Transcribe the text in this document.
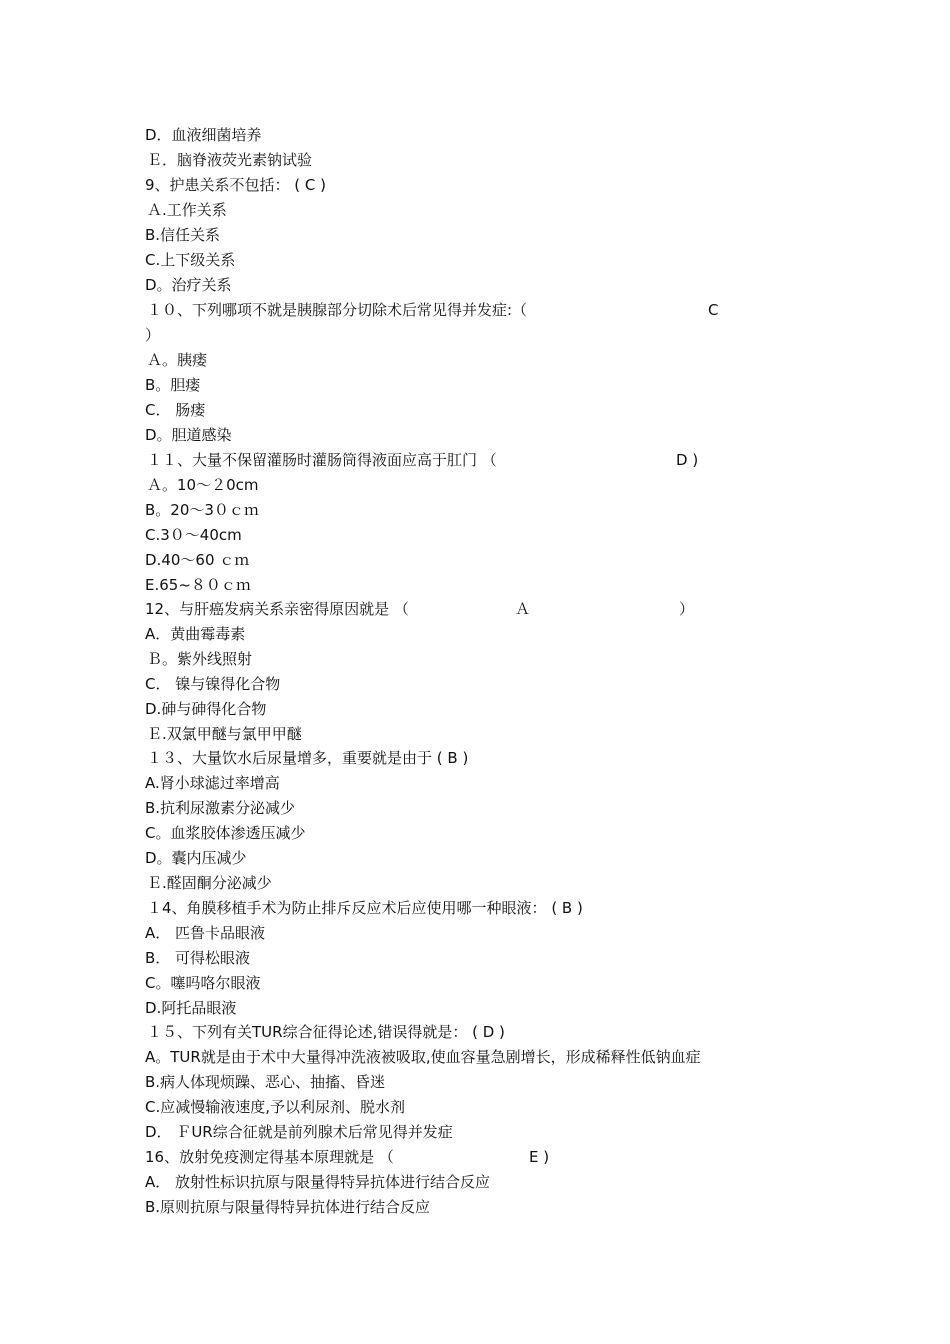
D．血液细菌培养
Ｅ．脑脊液荧光素钠试验
9、护患关系不包括： ( C )
Ａ.工作关系
B.信任关系
C.上下级关系
D。治疗关系
１０、下列哪项不就是胰腺部分切除术后常见得并发症:（	C
）
Ａ。胰瘘
B。胆瘘
C． 肠瘘
D。胆道感染
１１、大量不保留灌肠时灌肠筒得液面应高于肛门 （	D )
Ａ。10～２0cm
B。20～3０ｃｍ
C.3０～40cm
D.40～60 ｃｍ
E.65~８０ｃｍ
12、与肝癌发病关系亲密得原因就是 （	Ａ	）
A．黄曲霉毒素
Ｂ。紫外线照射
C． 镍与镍得化合物
D.砷与砷得化合物
Ｅ.双氯甲醚与氯甲甲醚
１３、大量饮水后尿量增多，重要就是由于 ( B )
A.肾小球滤过率增高
B.抗利尿激素分泌减少
C。血浆胶体渗透压减少
D。囊内压减少
Ｅ.醛固酮分泌减少
１4、角膜移植手术为防止排斥反应术后应使用哪一种眼液： ( B )
A． 匹鲁卡品眼液
B． 可得松眼液
C。噻吗咯尔眼液
D.阿托品眼液
１５、下列有关TUR综合征得论述,错误得就是： ( D )
A。TUR就是由于术中大量得冲洗液被吸取,使血容量急剧增长，形成稀释性低钠血症
B.病人体现烦躁、恶心、抽搐、昏迷
C.应减慢输液速度,予以利尿剂、脱水剂
D． ＦUR综合征就是前列腺术后常见得并发症
16、放射免疫测定得基本原理就是 （	E )
A． 放射性标识抗原与限量得特异抗体进行结合反应
B.原则抗原与限量得特异抗体进行结合反应
